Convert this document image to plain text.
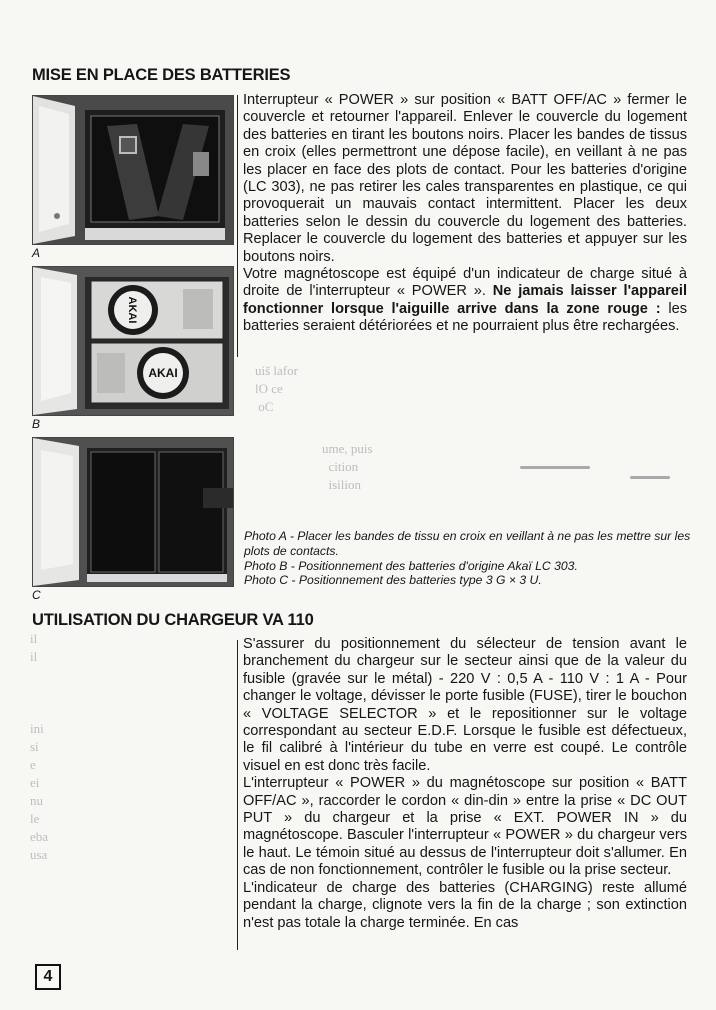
MISE EN PLACE DES BATTERIES
A
AKAI
AKAI
B
C

Interrupteur « POWER » sur position « BATT OFF/AC » fermer le couvercle et retourner l'appareil. Enlever le couvercle du logement des batteries en tirant les boutons noirs. Placer les bandes de tissus en croix (elles permettront une dépose facile), en veillant à ne pas les placer en face des plots de contact. Pour les batteries d'origine (LC 303), ne pas retirer les cales transparentes en plastique, ce qui provoquerait un mauvais contact intermittent. Placer les deux batteries selon le dessin du couvercle du logement des batteries. Replacer le couvercle du logement des batteries et appuyer sur les boutons noirs.

Votre magnétoscope est équipé d'un indicateur de charge situé à droite de l'interrupteur « POWER ». Ne jamais laisser l'appareil fonctionner lorsque l'aiguille arrive dans la zone rouge : les batteries seraient détériorées et ne pourraient plus être rechargées.

uiš lafor
lO ce
oC
ume, puis
cition
isilion
il
il

ini
si
e
ei
nu
le
eba
usa
Photo A - Placer les bandes de tissu en croix en veillant à ne pas les mettre sur les plots de contacts.
Photo B - Positionnement des batteries d'origine Akaï LC 303.
Photo C - Positionnement des batteries type 3 G × 3 U.
UTILISATION DU CHARGEUR VA 110

S'assurer du positionnement du sélecteur de tension avant le branchement du chargeur sur le secteur ainsi que de la valeur du fusible (gravée sur le métal) - 220 V : 0,5 A - 110 V : 1 A - Pour changer le voltage, dévisser le porte fusible (FUSE), tirer le bouchon « VOLTAGE SELECTOR » et le repositionner sur le voltage correspondant au secteur E.D.F. Lorsque le fusible est défectueux, le fil calibré à l'intérieur du tube en verre est coupé. Le contrôle visuel en est donc très facile.

L'interrupteur « POWER » du magnétoscope sur position « BATT OFF/AC », raccorder le cordon « din-din » entre la prise « DC OUT PUT » du chargeur et la prise « EXT. POWER IN » du magnétoscope. Basculer l'interrupteur « POWER » du chargeur vers le haut. Le témoin situé au dessus de l'interrupteur doit s'allumer. En cas de non fonctionnement, contrôler le fusible ou la prise secteur.

L'indicateur de charge des batteries (CHARGING) reste allumé pendant la charge, clignote vers la fin de la charge ; son extinction n'est pas totale la charge terminée. En cas

4
